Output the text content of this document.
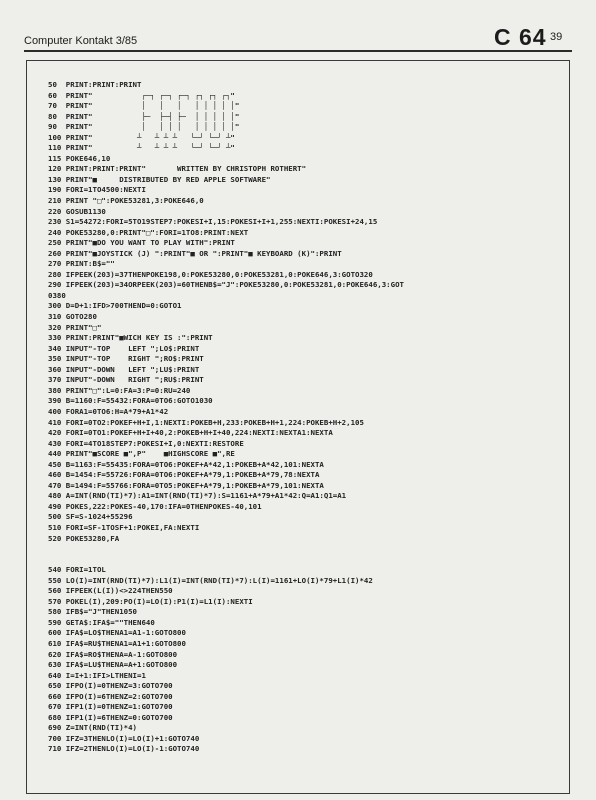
Computer Kontakt 3/85	C 64 39
50  PRINT:PRINT:PRINT
60  PRINT"           ┌─┐ ┌─┐ ┌─┐ ┌┐ ┌┐ ┌┐"
70  PRINT"           │   │   │   │ │ │ │ │"
80  PRINT"           ├─  ├─┤ ├─  │ │ │ │ │"
90  PRINT"           │   │ │ │   │ │ │ │ │"
100 PRINT"          ┴   ┴ ┴ ┴   └─┘ └─┘ ┴"
110 PRINT"          ┴   ┴ ┴ ┴   └─┘ └─┘ ┴"
115 POKE646,10
120 PRINT:PRINT:PRINT"       WRITTEN BY CHRISTOPH ROTHERT"
130 PRINT"■     DISTRIBUTED BY RED APPLE SOFTWARE"
190 FORI=1TO4500:NEXTI
210 PRINT "□":POKE53281,3:POKE646,0
220 GOSUB1130
230 S1=54272:FORI=5TO19STEP7:POKESI+I,15:POKESI+I+1,255:NEXTI:POKESI+24,15
240 POKE53280,0:PRINT"□":FORI=1TO8:PRINT:NEXT
250 PRINT"■DO YOU WANT TO PLAY WITH":PRINT
260 PRINT"■JOYSTICK (J) ":PRINT"■ OR ":PRINT"■ KEYBOARD (K)":PRINT
270 PRINT:B$=""
280 IFPEEK(203)=37THENPOKE198,0:POKE53280,0:POKE53281,0:POKE646,3:GOTO320
290 IFPEEK(203)=34ORPEEK(203)=60THENB$="J":POKE53280,0:POKE53281,0:POKE646,3:GOT
0380
300 D=D+1:IFD>700THEND=0:GOTO1
310 GOTO280
320 PRINT"□"
330 PRINT:PRINT"■WICH KEY IS :":PRINT
340 INPUT"-TOP    LEFT ";LO$:PRINT
350 INPUT"-TOP    RIGHT ";RO$:PRINT
360 INPUT"-DOWN   LEFT ";LU$:PRINT
370 INPUT"-DOWN   RIGHT ";RU$:PRINT
380 PRINT"□":L=0:FA=3:P=0:RU=240
390 B=1160:F=55432:FORA=0TO6:GOTO1030
400 FORA1=0TO6:H=A*79+A1*42
410 FORI=0TO2:POKEF+H+I,1:NEXTI:POKEB+H,233:POKEB+H+1,224:POKEB+H+2,105
420 FORI=0TO1:POKEF+H+I+40,2:POKEB+H+I+40,224:NEXTI:NEXTA1:NEXTA
430 FORI=4TO18STEP7:POKESI+I,0:NEXTI:RESTORE
440 PRINT"■SCORE ■",P"    ■HIGHSCORE ■",RE
450 B=1163:F=55435:FORA=0TO6:POKEF+A*42,1:POKEB+A*42,101:NEXTA
460 B=1454:F=55726:FORA=0TO6:POKEF+A*79,1:POKEB+A*79,78:NEXTA
470 B=1494:F=55766:FORA=0TO5:POKEF+A*79,1:POKEB+A*79,101:NEXTA
480 A=INT(RND(TI)*7):A1=INT(RND(TI)*7):S=1161+A*79+A1*42:Q=A1:Q1=A1
490 POKES,222:POKES-40,170:IFA=0THENPOKES-40,101
500 SF=S-1024+55296
510 FORI=SF-1TOSF+1:POKEI,FA:NEXTI
520 POKE53280,FA
540 FORI=1TOL
550 LO(I)=INT(RND(TI)*7):L1(I)=INT(RND(TI)*7):L(I)=1161+LO(I)*79+L1(I)*42
560 IFPEEK(L(I))<>224THEN550
570 POKEL(I),209:PO(I)=LO(I):P1(I)=L1(I):NEXTI
580 IFB$="J"THEN1050
590 GETA$:IFA$=""THEN640
600 IFA$=LO$THENA1=A1-1:GOTO800
610 IFA$=RU$THENA1=A1+1:GOTO800
620 IFA$=RO$THENA=A-1:GOTO800
630 IFA$=LU$THENA=A+1:GOTO800
640 I=I+1:IFI>LTHENI=1
650 IFPO(I)=0THENZ=3:GOTO700
660 IFPO(I)=6THENZ=2:GOTO700
670 IFP1(I)=0THENZ=1:GOTO700
680 IFP1(I)=6THENZ=0:GOTO700
690 Z=INT(RND(TI)*4)
700 IFZ=3THENLO(I)=LO(I)+1:GOTO740
710 IFZ=2THENLO(I)=LO(I)-1:GOTO740
